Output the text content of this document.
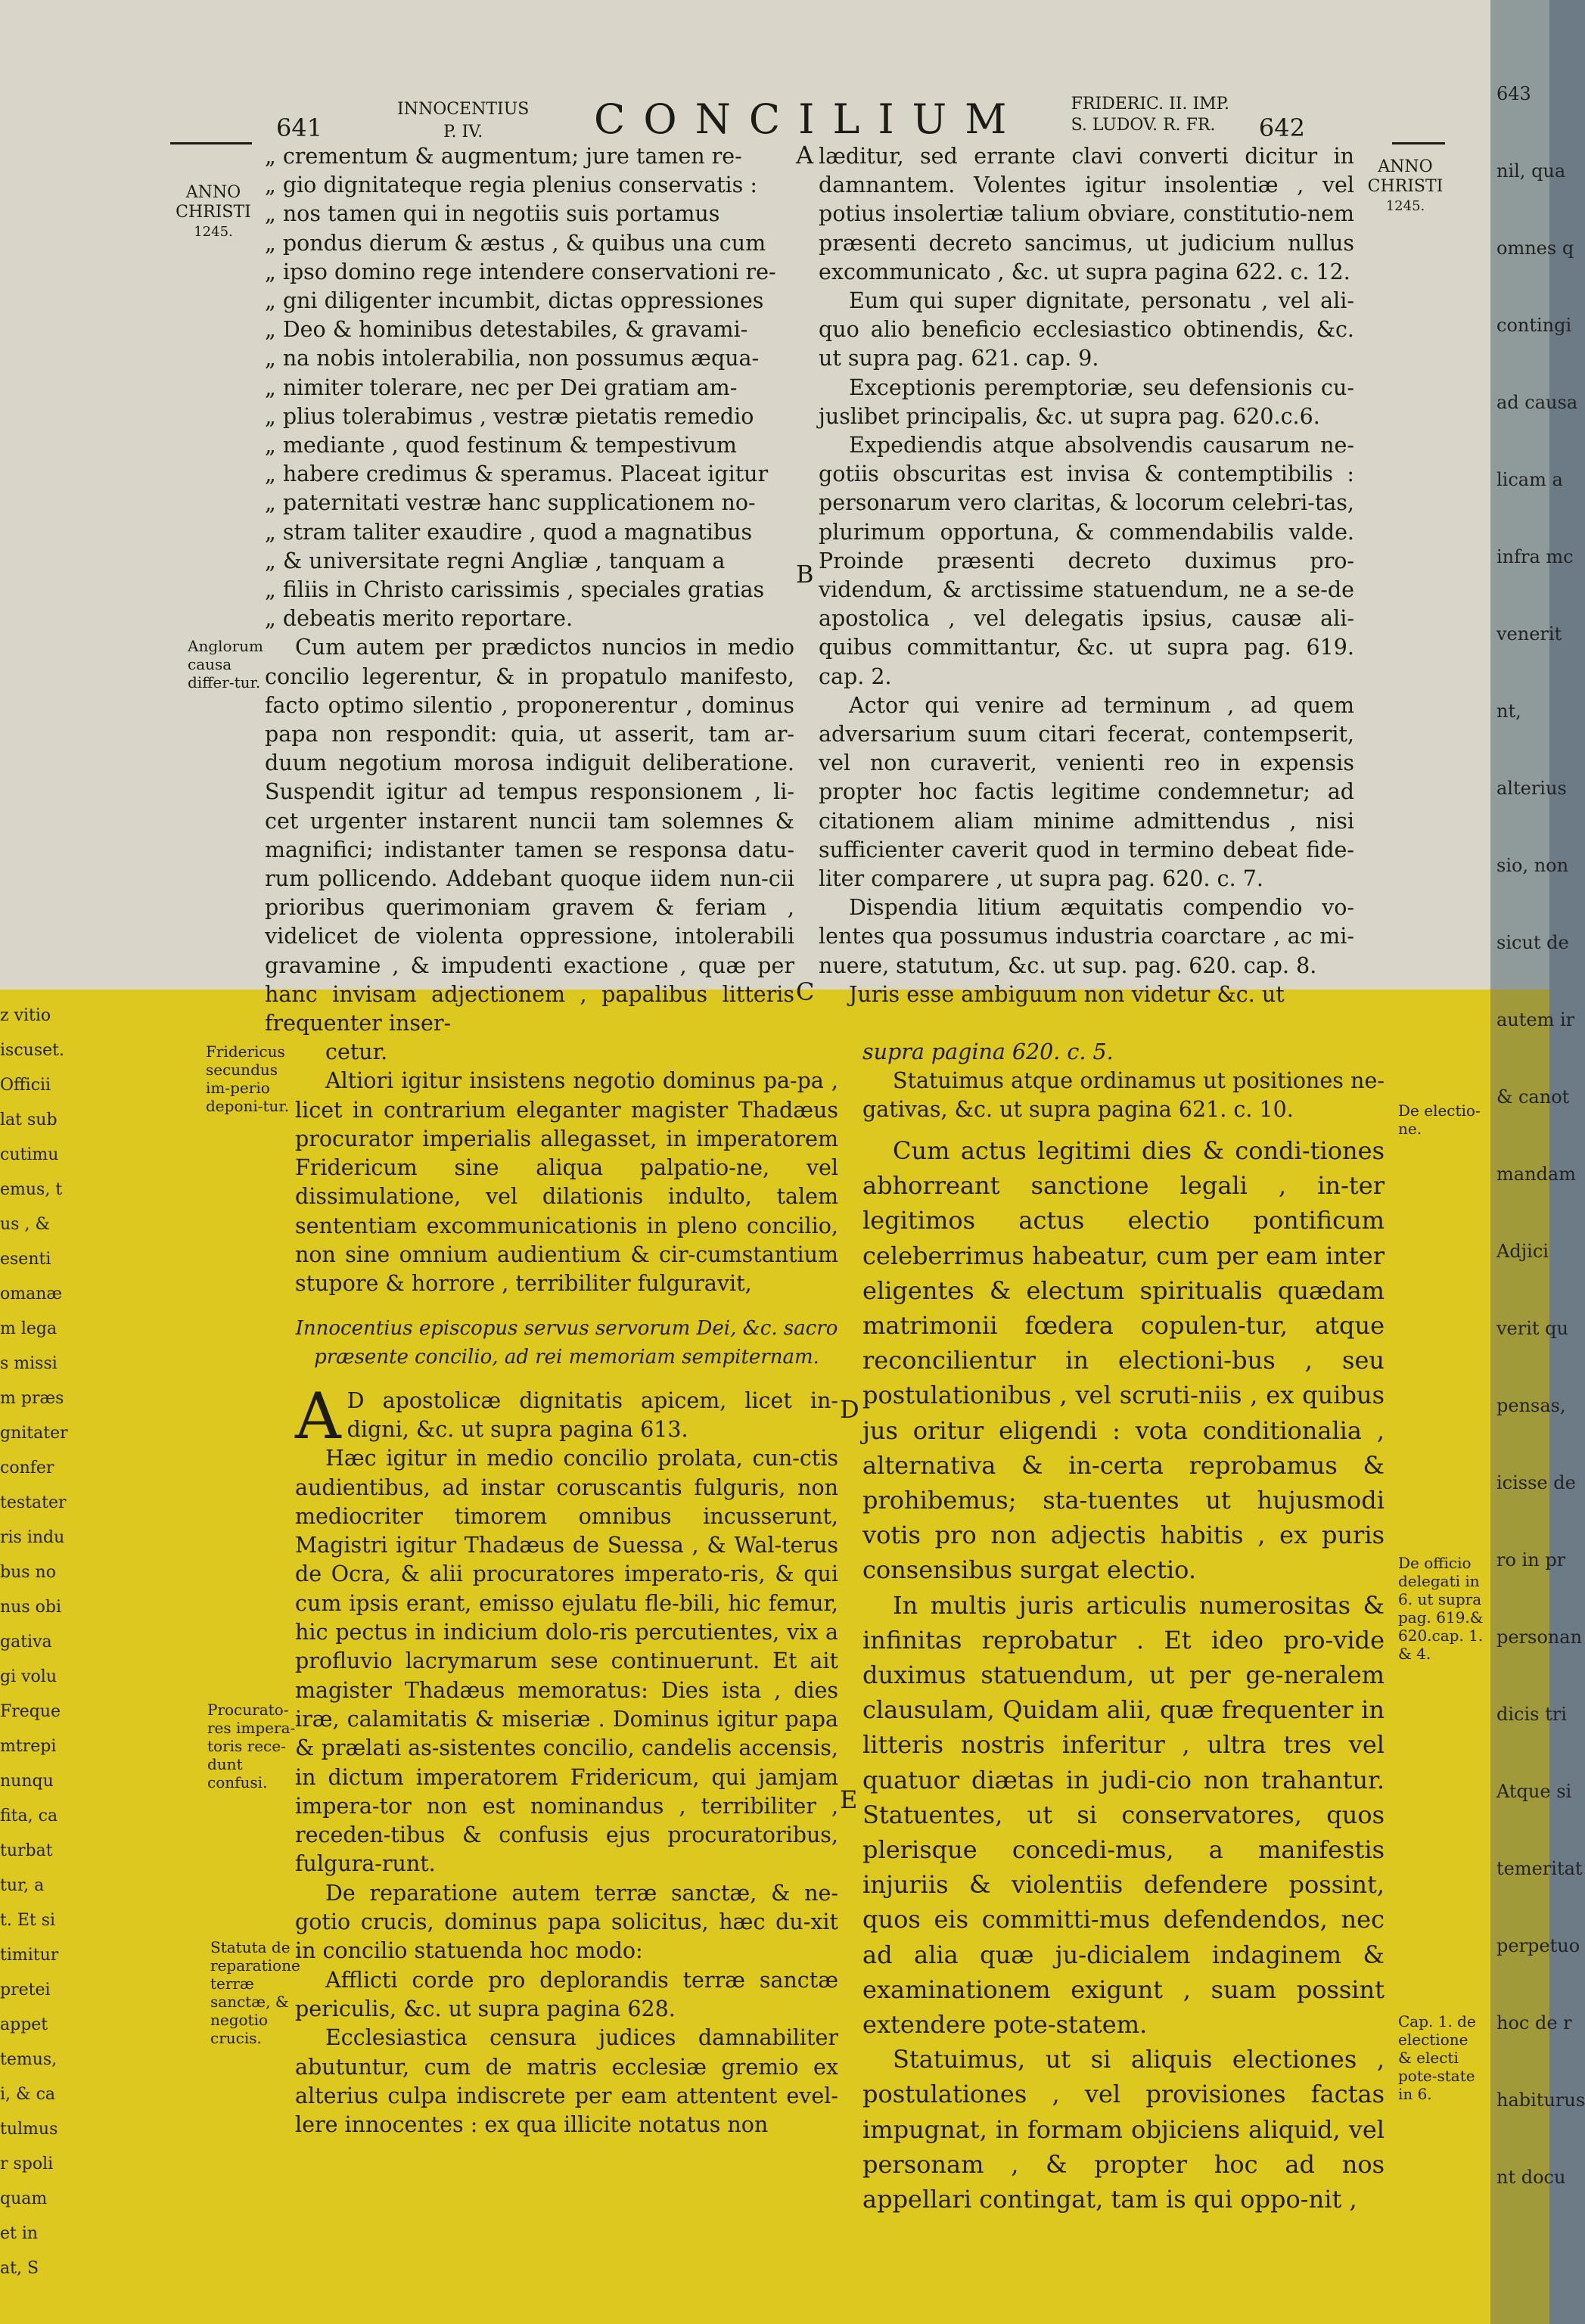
643
nil, qua
omnes q
contingi
ad causa
licam a
infra mc
venerit
nt,
alterius
sio, non
sicut de
autem ir
& canot
mandam
Adjici
verit qu
pensas,
icisse de
ro in pr
personan
dicis tri
Atque si
temeritat
perpetuo
hoc de r
habiturus
nt docu
z vitio
iscuset.
Officii
lat sub
cutimu
emus, t
us , &
esenti
omanæ
m lega
s missi
m præs
gnitater
confer
testater
ris indu
bus no
nus obi
gativa
gi volu
Freque
mtrepi
nunqu
fita, ca
turbat
tur, a
t. Et si
timitur
pretei
appet
temus,
i, & ca
tulmus
r spoli
quam
et in
at, S
641
INNOCENTIUS
P. IV.	CONCILIUM	FRIDERIC. II. IMP.
S. LUDOV. R. FR.	642
ANNO
CHRISTI
1245.
ANNO
CHRISTI
1245.
A
B
C
D
E

„ crementum & augmentum; jure tamen re-

„ gio dignitateque regia plenius conservatis :

„ nos tamen qui in negotiis suis portamus

„ pondus dierum & æstus , & quibus una cum

„ ipso domino rege intendere conservationi re-

„ gni diligenter incumbit, dictas oppressiones

„ Deo & hominibus detestabiles, & gravami-

„ na nobis intolerabilia, non possumus æqua-

„ nimiter tolerare, nec per Dei gratiam am-

„ plius tolerabimus , vestræ pietatis remedio

„ mediante , quod festinum & tempestivum

„ habere credimus & speramus. Placeat igitur

„ paternitati vestræ hanc supplicationem no-

„ stram taliter exaudire , quod a magnatibus

„ & universitate regni Angliæ , tanquam a

„ filiis in Christo carissimis , speciales gratias

„ debeatis merito reportare.

Cum autem per prædictos nuncios in medio concilio legerentur, & in propatulo manifesto, facto optimo silentio , proponerentur , dominus papa non respondit: quia, ut asserit, tam ar-duum negotium morosa indiguit deliberatione. Suspendit igitur ad tempus responsionem , li-cet urgenter instarent nuncii tam solemnes & magnifici; indistanter tamen se responsa datu-rum pollicendo. Addebant quoque iidem nun-cii prioribus querimoniam gravem & feriam , videlicet de violenta oppressione, intolerabili gravamine , & impudenti exactione , quæ per hanc invisam adjectionem , papalibus litteris frequenter inser-

læditur, sed errante clavi converti dicitur in damnantem. Volentes igitur insolentiæ , vel potius insolertiæ talium obviare, constitutio-nem præsenti decreto sancimus, ut judicium nullus excommunicato , &c. ut supra pagina 622. c. 12.

Eum qui super dignitate, personatu , vel ali-quo alio beneficio ecclesiastico obtinendis, &c. ut supra pag. 621. cap. 9.

Exceptionis peremptoriæ, seu defensionis cu-juslibet principalis, &c. ut supra pag. 620.c.6.

Expediendis atque absolvendis causarum ne-gotiis obscuritas est invisa & contemptibilis : personarum vero claritas, & locorum celebri-tas, plurimum opportuna, & commendabilis valde. Proinde præsenti decreto duximus pro-videndum, & arctissime statuendum, ne a se-de apostolica , vel delegatis ipsius, causæ ali-quibus committantur, &c. ut supra pag. 619. cap. 2.

Actor qui venire ad terminum , ad quem adversarium suum citari fecerat, contempserit, vel non curaverit, venienti reo in expensis propter hoc factis legitime condemnetur; ad citationem aliam minime admittendus , nisi sufficienter caverit quod in termino debeat fide-liter comparere , ut supra pag. 620. c. 7.

Dispendia litium æquitatis compendio vo-lentes qua possumus industria coarctare , ac mi-nuere, statutum, &c. ut sup. pag. 620. cap. 8.

Juris esse ambiguum non videtur &c. ut

Anglorum causa differ-tur.

cetur.

Altiori igitur insistens negotio dominus pa-pa , licet in contrarium eleganter magister Thadæus procurator imperialis allegasset, in imperatorem Fridericum sine aliqua palpatio-ne, vel dissimulatione, vel dilationis indulto, talem sententiam excommunicationis in pleno concilio, non sine omnium audientium & cir-cumstantium stupore & horrore , terribiliter fulguravit,

Innocentius episcopus servus servorum Dei, &c. sacro præsente concilio, ad rei memoriam sempiternam.

A D apostolicæ dignitatis apicem, licet in-digni, &c. ut supra pagina 613.

Hæc igitur in medio concilio prolata, cun-ctis audientibus, ad instar coruscantis fulguris, non mediocriter timorem omnibus incusserunt, Magistri igitur Thadæus de Suessa , & Wal-terus de Ocra, & alii procuratores imperato-ris, & qui cum ipsis erant, emisso ejulatu fle-bili, hic femur, hic pectus in indicium dolo-ris percutientes, vix a profluvio lacrymarum sese continuerunt. Et ait magister Thadæus memoratus: Dies ista , dies iræ, calamitatis & miseriæ . Dominus igitur papa & prælati as-sistentes concilio, candelis accensis, in dictum imperatorem Fridericum, qui jamjam impera-tor non est nominandus , terribiliter , receden-tibus & confusis ejus procuratoribus, fulgura-runt.

De reparatione autem terræ sanctæ, & ne-gotio crucis, dominus papa solicitus, hæc du-xit in concilio statuenda hoc modo:

Afflicti corde pro deplorandis terræ sanctæ periculis, &c. ut supra pagina 628.

Ecclesiastica censura judices damnabiliter abutuntur, cum de matris ecclesiæ gremio ex alterius culpa indiscrete per eam attentent evel-lere innocentes : ex qua illicite notatus non

Fridericus secundus im-perio deponi-tur.
Procurato-res impera-toris rece-dunt confusi.
Statuta de reparatione terræ sanctæ, & negotio crucis.

supra pagina 620. c. 5.

Statuimus atque ordinamus ut positiones ne-gativas, &c. ut supra pagina 621. c. 10.

Cum actus legitimi dies & condi-tiones abhorreant sanctione legali , in-ter legitimos actus electio pontificum celeberrimus habeatur, cum per eam inter eligentes & electum spiritualis quædam matrimonii fœdera copulen-tur, atque reconcilientur in electioni-bus , seu postulationibus , vel scruti-niis , ex quibus jus oritur eligendi : vota conditionalia , alternativa & in-certa reprobamus & prohibemus; sta-tuentes ut hujusmodi votis pro non adjectis habitis , ex puris consensibus surgat electio.

In multis juris articulis numerositas & infinitas reprobatur . Et ideo pro-vide duximus statuendum, ut per ge-neralem clausulam, Quidam alii, quæ frequenter in litteris nostris inferitur , ultra tres vel quatuor diætas in judi-cio non trahantur. Statuentes, ut si conservatores, quos plerisque concedi-mus, a manifestis injuriis & violentiis defendere possint, quos eis committi-mus defendendos, nec ad alia quæ ju-dicialem indaginem & examinationem exigunt , suam possint extendere pote-statem.

Statuimus, ut si aliquis electiones , postulationes , vel provisiones factas impugnat, in formam objiciens aliquid, vel personam , & propter hoc ad nos appellari contingat, tam is qui oppo-nit ,

De electio-ne.
De officio delegati in 6. ut supra pag. 619.& 620.cap. 1. & 4.
Cap. 1. de electione & electi pote-state in 6.
